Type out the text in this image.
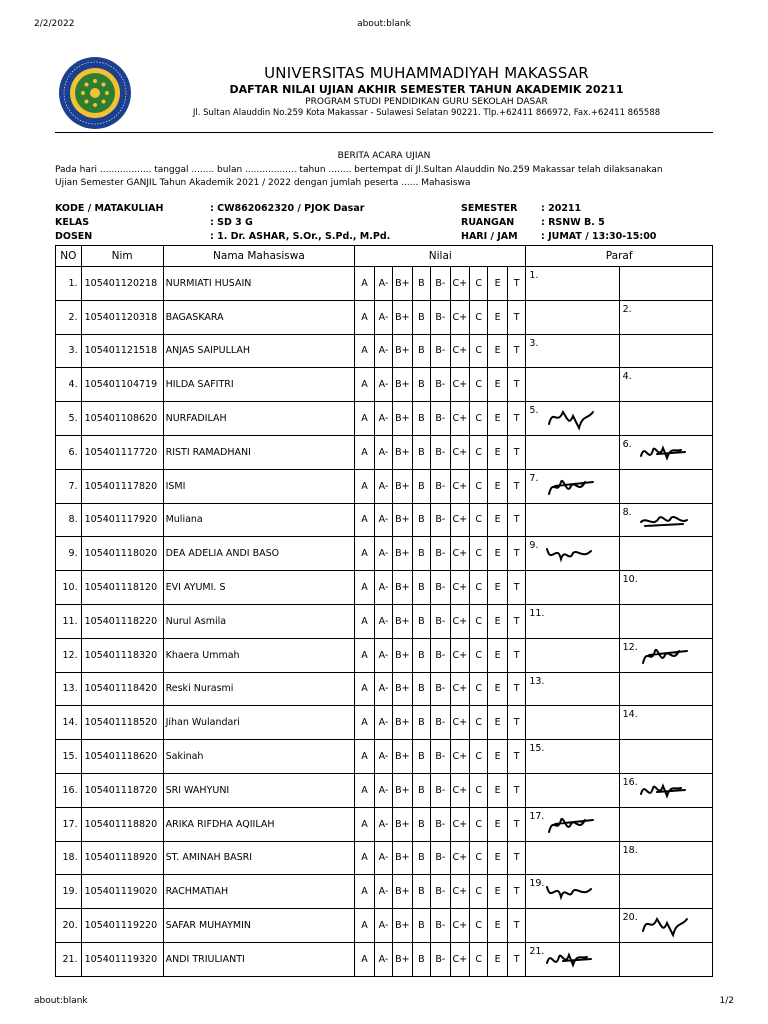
2/2/2022	about:blank
UNIVERSITAS MUHAMMADIYAH MAKASSAR
DAFTAR NILAI UJIAN AKHIR SEMESTER TAHUN AKADEMIK 20211
PROGRAM STUDI PENDIDIKAN GURU SEKOLAH DASAR
Jl. Sultan Alauddin No.259 Kota Makassar - Sulawesi Selatan 90221. Tlp.+62411 866972, Fax.+62411 865588
BERITA ACARA UJIAN
Pada hari .................. tanggal ........ bulan .................. tahun ........ bertempat di Jl.Sultan Alauddin No.259 Makassar telah dilaksanakan
Ujian Semester GANJIL Tahun Akademik 2021 / 2022 dengan jumlah peserta ...... Mahasiswa
KODE / MATAKULIAH	: CW862062320 / PJOK Dasar
KELAS	: SD 3 G
DOSEN	: 1. Dr. ASHAR, S.Or., S.Pd., M.Pd.
SEMESTER : 20211
RUANGAN	: RSNW B. 5
HARI / JAM : JUMAT / 13:30-15:00
NO	Nim	Nama Mahasiswa	Nilai									Paraf	
1.	105401120218	NURMIATI HUSAIN	A	A-	B+	B	B-	C+	C	E	T	1.	

2.	105401120318	BAGASKARA	A	A-	B+	B	B-	C+	C	E	T		2.

3.	105401121518	ANJAS SAIPULLAH	A	A-	B+	B	B-	C+	C	E	T	3.	

4.	105401104719	HILDA SAFITRI	A	A-	B+	B	B-	C+	C	E	T		4.

5.	105401108620	NURFADILAH	A	A-	B+	B	B-	C+	C	E	T	5.	

6.	105401117720	RISTI RAMADHANI	A	A-	B+	B	B-	C+	C	E	T		6.

7.	105401117820	ISMI	A	A-	B+	B	B-	C+	C	E	T	7.	

8.	105401117920	Muliana	A	A-	B+	B	B-	C+	C	E	T		8.

9.	105401118020	DEA ADELIA ANDI BASO	A	A-	B+	B	B-	C+	C	E	T	9.	

10.	105401118120	EVI AYUMI. S	A	A-	B+	B	B-	C+	C	E	T		10.

11.	105401118220	Nurul Asmila	A	A-	B+	B	B-	C+	C	E	T	11.	

12.	105401118320	Khaera Ummah	A	A-	B+	B	B-	C+	C	E	T		12.

13.	105401118420	Reski Nurasmi	A	A-	B+	B	B-	C+	C	E	T	13.	

14.	105401118520	Jihan Wulandari	A	A-	B+	B	B-	C+	C	E	T		14.

15.	105401118620	Sakinah	A	A-	B+	B	B-	C+	C	E	T	15.	

16.	105401118720	SRI WAHYUNI	A	A-	B+	B	B-	C+	C	E	T		16.

17.	105401118820	ARIKA RIFDHA AQIILAH	A	A-	B+	B	B-	C+	C	E	T	17.	

18.	105401118920	ST. AMINAH BASRI	A	A-	B+	B	B-	C+	C	E	T		18.

19.	105401119020	RACHMATIAH	A	A-	B+	B	B-	C+	C	E	T	19.	

20.	105401119220	SAFAR MUHAYMIN	A	A-	B+	B	B-	C+	C	E	T		20.

21.	105401119320	ANDI TRIULIANTI	A	A-	B+	B	B-	C+	C	E	T	21.	

about:blank	1/2
